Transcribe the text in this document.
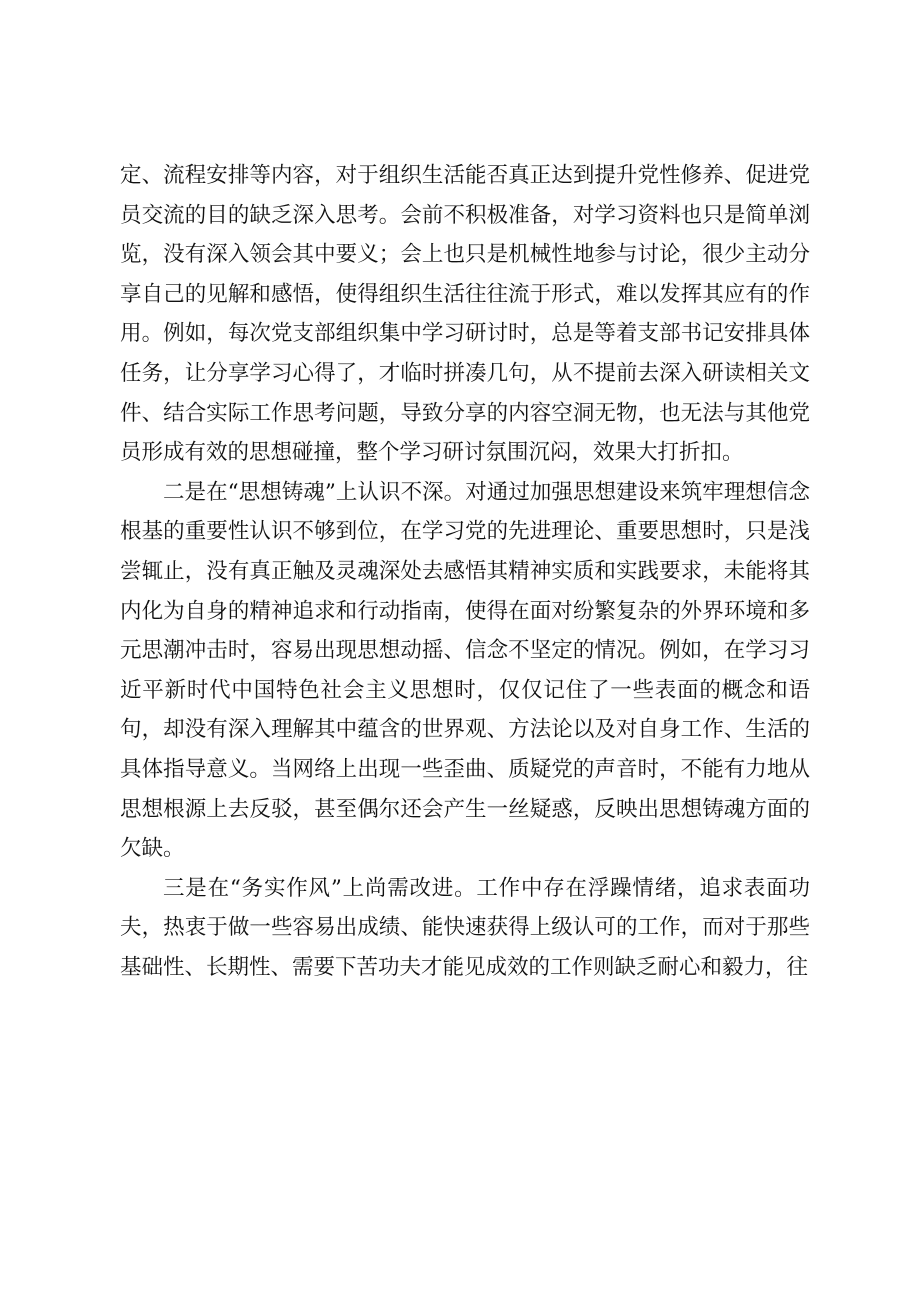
定、流程安排等内容，对于组织生活能否真正达到提升党性修养、促进党员交流的目的缺乏深入思考。会前不积极准备，对学习资料也只是简单浏览，没有深入领会其中要义；会上也只是机械性地参与讨论，很少主动分享自己的见解和感悟，使得组织生活往往流于形式，难以发挥其应有的作用。例如，每次党支部组织集中学习研讨时，总是等着支部书记安排具体任务，让分享学习心得了，才临时拼凑几句，从不提前去深入研读相关文件、结合实际工作思考问题，导致分享的内容空洞无物，也无法与其他党员形成有效的思想碰撞，整个学习研讨氛围沉闷，效果大打折扣。

二是在“思想铸魂”上认识不深。对通过加强思想建设来筑牢理想信念根基的重要性认识不够到位，在学习党的先进理论、重要思想时，只是浅尝辄止，没有真正触及灵魂深处去感悟其精神实质和实践要求，未能将其内化为自身的精神追求和行动指南，使得在面对纷繁复杂的外界环境和多元思潮冲击时，容易出现思想动摇、信念不坚定的情况。例如，在学习习近平新时代中国特色社会主义思想时，仅仅记住了一些表面的概念和语句，却没有深入理解其中蕴含的世界观、方法论以及对自身工作、生活的具体指导意义。当网络上出现一些歪曲、质疑党的声音时，不能有力地从思想根源上去反驳，甚至偶尔还会产生一丝疑惑，反映出思想铸魂方面的欠缺。

三是在“务实作风”上尚需改进。工作中存在浮躁情绪，追求表面功夫，热衷于做一些容易出成绩、能快速获得上级认可的工作，而对于那些基础性、长期性、需要下苦功夫才能见成效的工作则缺乏耐心和毅力，往
